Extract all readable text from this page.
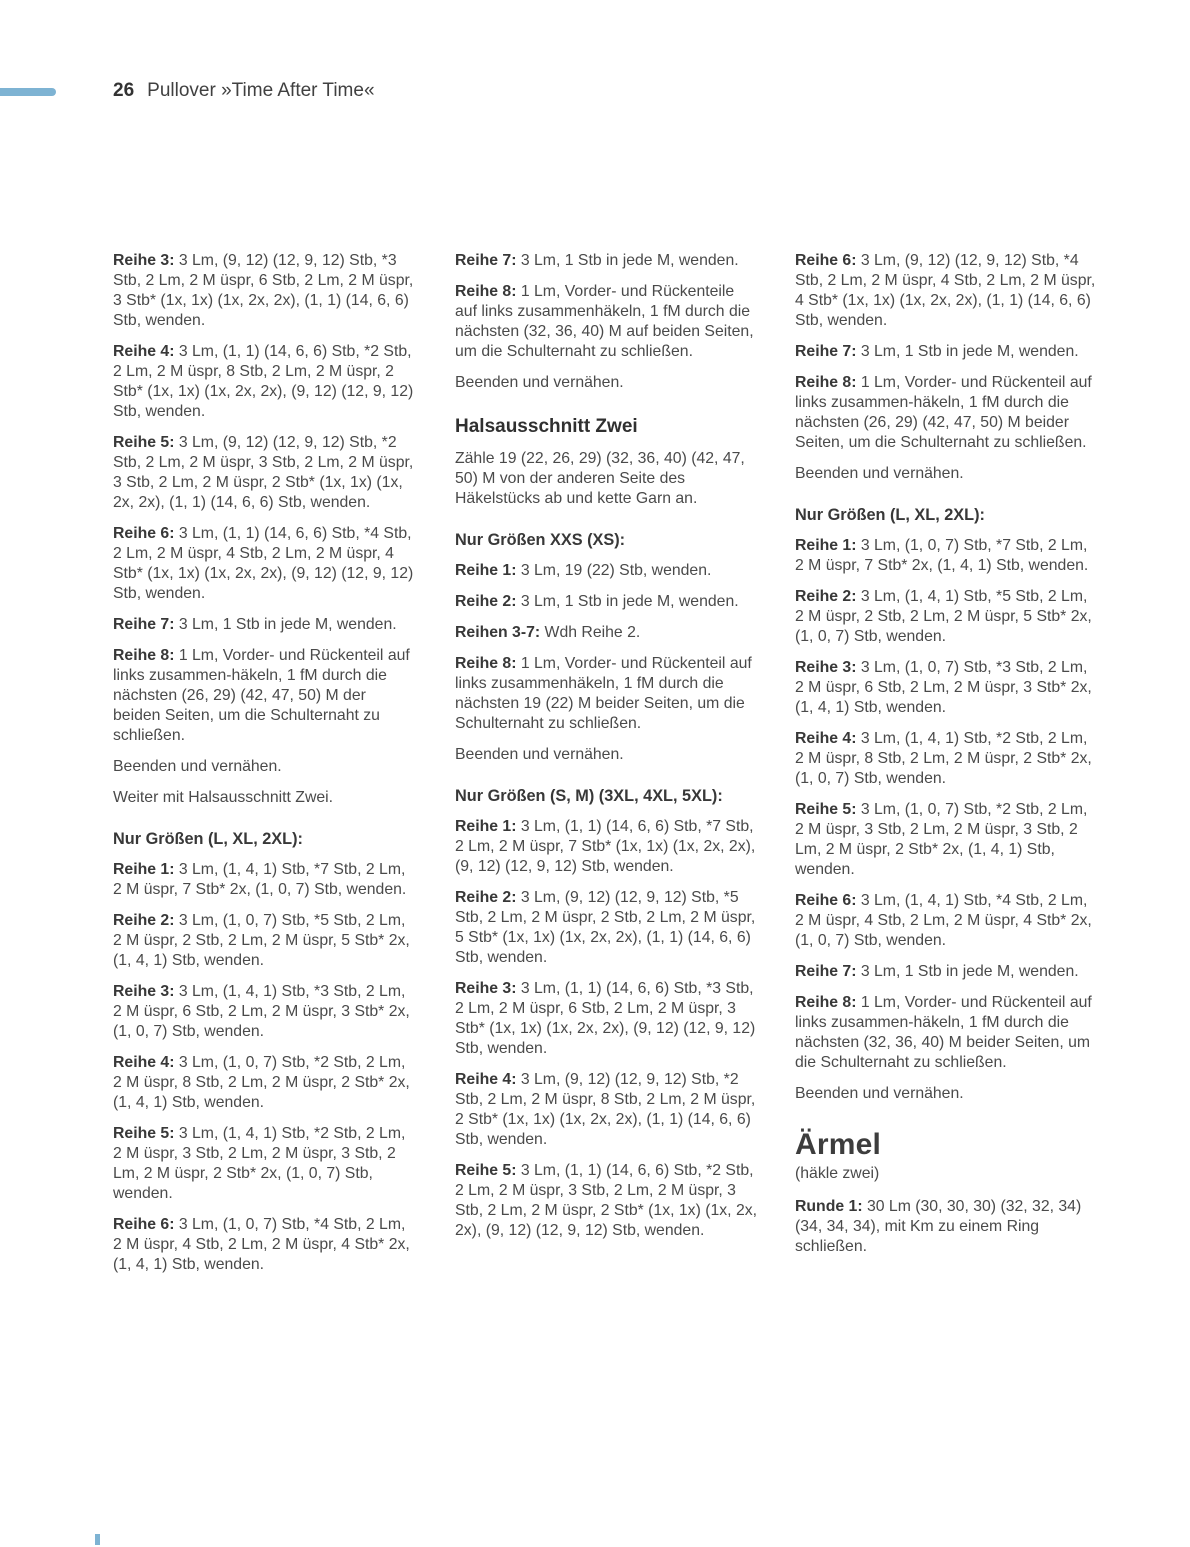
26 Pullover »Time After Time«

Reihe 3: 3 Lm, (9, 12) (12, 9, 12) Stb, *3 Stb, 2 Lm, 2 M üspr, 6 Stb, 2 Lm, 2 M üspr, 3 Stb* (1x, 1x) (1x, 2x, 2x), (1, 1) (14, 6, 6) Stb, wenden.

Reihe 4: 3 Lm, (1, 1) (14, 6, 6) Stb, *2 Stb, 2 Lm, 2 M üspr, 8 Stb, 2 Lm, 2 M üspr, 2 Stb* (1x, 1x) (1x, 2x, 2x), (9, 12) (12, 9, 12) Stb, wenden.

Reihe 5: 3 Lm, (9, 12) (12, 9, 12) Stb, *2 Stb, 2 Lm, 2 M üspr, 3 Stb, 2 Lm, 2 M üspr, 3 Stb, 2 Lm, 2 M üspr, 2 Stb* (1x, 1x) (1x, 2x, 2x), (1, 1) (14, 6, 6) Stb, wenden.

Reihe 6: 3 Lm, (1, 1) (14, 6, 6) Stb, *4 Stb, 2 Lm, 2 M üspr, 4 Stb, 2 Lm, 2 M üspr, 4 Stb* (1x, 1x) (1x, 2x, 2x), (9, 12) (12, 9, 12) Stb, wenden.

Reihe 7: 3 Lm, 1 Stb in jede M, wenden.

Reihe 8: 1 Lm, Vorder- und Rückenteil auf links zusammen-häkeln, 1 fM durch die nächsten (26, 29) (42, 47, 50) M der beiden Seiten, um die Schulternaht zu schließen.

Beenden und vernähen.

Weiter mit Halsausschnitt Zwei.

Nur Größen (L, XL, 2XL):

Reihe 1: 3 Lm, (1, 4, 1) Stb, *7 Stb, 2 Lm, 2 M üspr, 7 Stb* 2x, (1, 0, 7) Stb, wenden.

Reihe 2: 3 Lm, (1, 0, 7) Stb, *5 Stb, 2 Lm, 2 M üspr, 2 Stb, 2 Lm, 2 M üspr, 5 Stb* 2x, (1, 4, 1) Stb, wenden.

Reihe 3: 3 Lm, (1, 4, 1) Stb, *3 Stb, 2 Lm, 2 M üspr, 6 Stb, 2 Lm, 2 M üspr, 3 Stb* 2x, (1, 0, 7) Stb, wenden.

Reihe 4: 3 Lm, (1, 0, 7) Stb, *2 Stb, 2 Lm, 2 M üspr, 8 Stb, 2 Lm, 2 M üspr, 2 Stb* 2x, (1, 4, 1) Stb, wenden.

Reihe 5: 3 Lm, (1, 4, 1) Stb, *2 Stb, 2 Lm, 2 M üspr, 3 Stb, 2 Lm, 2 M üspr, 3 Stb, 2 Lm, 2 M üspr, 2 Stb* 2x, (1, 0, 7) Stb, wenden.

Reihe 6: 3 Lm, (1, 0, 7) Stb, *4 Stb, 2 Lm, 2 M üspr, 4 Stb, 2 Lm, 2 M üspr, 4 Stb* 2x, (1, 4, 1) Stb, wenden.

Reihe 7: 3 Lm, 1 Stb in jede M, wenden.

Reihe 8: 1 Lm, Vorder- und Rückenteile auf links zusammenhäkeln, 1 fM durch die nächsten (32, 36, 40) M auf beiden Seiten, um die Schulternaht zu schließen.

Beenden und vernähen.

Halsausschnitt Zwei

Zähle 19 (22, 26, 29) (32, 36, 40) (42, 47, 50) M von der anderen Seite des Häkelstücks ab und kette Garn an.

Nur Größen XXS (XS):

Reihe 1: 3 Lm, 19 (22) Stb, wenden.

Reihe 2: 3 Lm, 1 Stb in jede M, wenden.

Reihen 3-7: Wdh Reihe 2.

Reihe 8: 1 Lm, Vorder- und Rückenteil auf links zusammenhäkeln, 1 fM durch die nächsten 19 (22) M beider Seiten, um die Schulternaht zu schließen.

Beenden und vernähen.

Nur Größen (S, M) (3XL, 4XL, 5XL):

Reihe 1: 3 Lm, (1, 1) (14, 6, 6) Stb, *7 Stb, 2 Lm, 2 M üspr, 7 Stb* (1x, 1x) (1x, 2x, 2x), (9, 12) (12, 9, 12) Stb, wenden.

Reihe 2: 3 Lm, (9, 12) (12, 9, 12) Stb, *5 Stb, 2 Lm, 2 M üspr, 2 Stb, 2 Lm, 2 M üspr, 5 Stb* (1x, 1x) (1x, 2x, 2x), (1, 1) (14, 6, 6) Stb, wenden.

Reihe 3: 3 Lm, (1, 1) (14, 6, 6) Stb, *3 Stb, 2 Lm, 2 M üspr, 6 Stb, 2 Lm, 2 M üspr, 3 Stb* (1x, 1x) (1x, 2x, 2x), (9, 12) (12, 9, 12) Stb, wenden.

Reihe 4: 3 Lm, (9, 12) (12, 9, 12) Stb, *2 Stb, 2 Lm, 2 M üspr, 8 Stb, 2 Lm, 2 M üspr, 2 Stb* (1x, 1x) (1x, 2x, 2x), (1, 1) (14, 6, 6) Stb, wenden.

Reihe 5: 3 Lm, (1, 1) (14, 6, 6) Stb, *2 Stb, 2 Lm, 2 M üspr, 3 Stb, 2 Lm, 2 M üspr, 3 Stb, 2 Lm, 2 M üspr, 2 Stb* (1x, 1x) (1x, 2x, 2x), (9, 12) (12, 9, 12) Stb, wenden.

Reihe 6: 3 Lm, (9, 12) (12, 9, 12) Stb, *4 Stb, 2 Lm, 2 M üspr, 4 Stb, 2 Lm, 2 M üspr, 4 Stb* (1x, 1x) (1x, 2x, 2x), (1, 1) (14, 6, 6) Stb, wenden.

Reihe 7: 3 Lm, 1 Stb in jede M, wenden.

Reihe 8: 1 Lm, Vorder- und Rückenteil auf links zusammen-häkeln, 1 fM durch die nächsten (26, 29) (42, 47, 50) M beider Seiten, um die Schulternaht zu schließen.

Beenden und vernähen.

Nur Größen (L, XL, 2XL):

Reihe 1: 3 Lm, (1, 0, 7) Stb, *7 Stb, 2 Lm, 2 M üspr, 7 Stb* 2x, (1, 4, 1) Stb, wenden.

Reihe 2: 3 Lm, (1, 4, 1) Stb, *5 Stb, 2 Lm, 2 M üspr, 2 Stb, 2 Lm, 2 M üspr, 5 Stb* 2x, (1, 0, 7) Stb, wenden.

Reihe 3: 3 Lm, (1, 0, 7) Stb, *3 Stb, 2 Lm, 2 M üspr, 6 Stb, 2 Lm, 2 M üspr, 3 Stb* 2x, (1, 4, 1) Stb, wenden.

Reihe 4: 3 Lm, (1, 4, 1) Stb, *2 Stb, 2 Lm, 2 M üspr, 8 Stb, 2 Lm, 2 M üspr, 2 Stb* 2x, (1, 0, 7) Stb, wenden.

Reihe 5: 3 Lm, (1, 0, 7) Stb, *2 Stb, 2 Lm, 2 M üspr, 3 Stb, 2 Lm, 2 M üspr, 3 Stb, 2 Lm, 2 M üspr, 2 Stb* 2x, (1, 4, 1) Stb, wenden.

Reihe 6: 3 Lm, (1, 4, 1) Stb, *4 Stb, 2 Lm, 2 M üspr, 4 Stb, 2 Lm, 2 M üspr, 4 Stb* 2x, (1, 0, 7) Stb, wenden.

Reihe 7: 3 Lm, 1 Stb in jede M, wenden.

Reihe 8: 1 Lm, Vorder- und Rückenteil auf links zusammen-häkeln, 1 fM durch die nächsten (32, 36, 40) M beider Seiten, um die Schulternaht zu schließen.

Beenden und vernähen.

Ärmel
(häkle zwei)

Runde 1: 30 Lm (30, 30, 30) (32, 32, 34) (34, 34, 34), mit Km zu einem Ring schließen.
